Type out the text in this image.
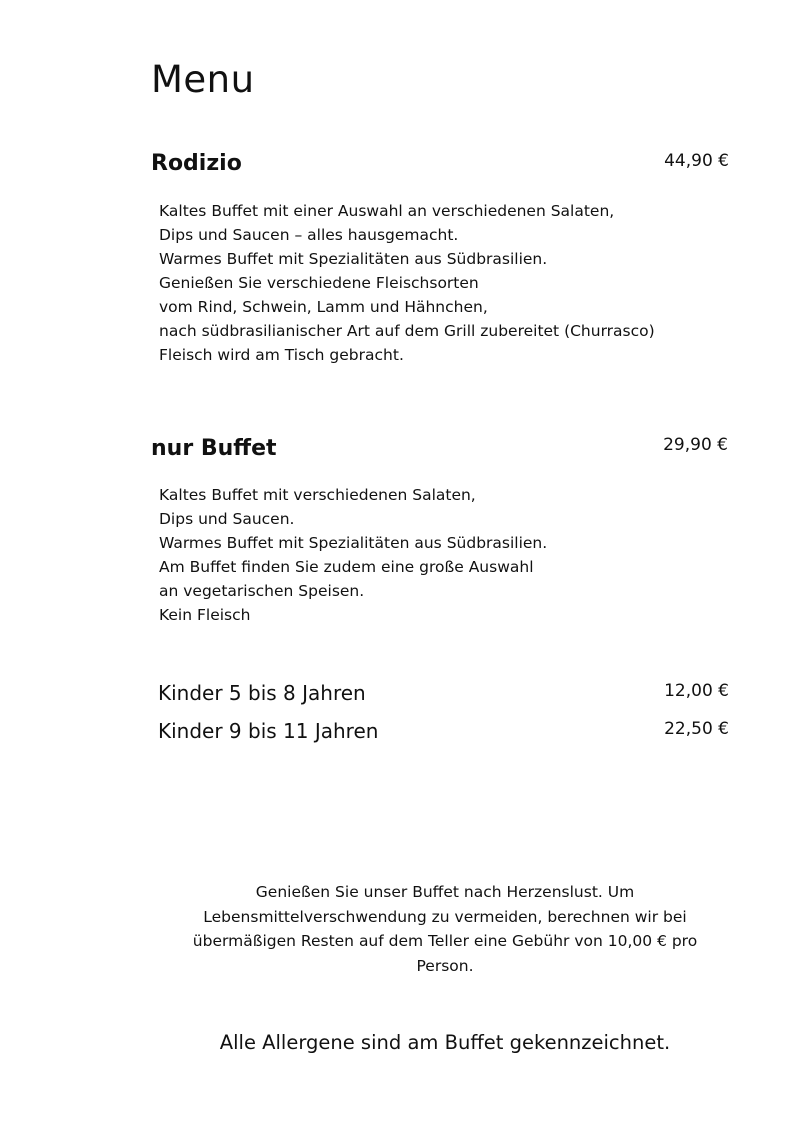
Menu
Rodizio	44,90 €
Kaltes Buffet mit einer Auswahl an verschiedenen Salaten,
Dips und Saucen – alles hausgemacht.
Warmes Buffet mit Spezialitäten aus Südbrasilien.
Genießen Sie verschiedene Fleischsorten
vom Rind, Schwein, Lamm und Hähnchen,
nach südbrasilianischer Art auf dem Grill zubereitet (Churrasco)
Fleisch wird am Tisch gebracht.
nur Buffet	29,90 €
Kaltes Buffet mit verschiedenen Salaten,
Dips und Saucen.
Warmes Buffet mit Spezialitäten aus Südbrasilien.
Am Buffet finden Sie zudem eine große Auswahl
an vegetarischen Speisen.
Kein Fleisch
Kinder 5 bis 8 Jahren	12,00 €
Kinder 9 bis 11 Jahren	22,50 €

Genießen Sie unser Buffet nach Herzenslust. Um Lebensmittelverschwendung zu vermeiden, berechnen wir bei übermäßigen Resten auf dem Teller eine Gebühr von 10,00 € pro Person.

Alle Allergene sind am Buffet gekennzeichnet.
